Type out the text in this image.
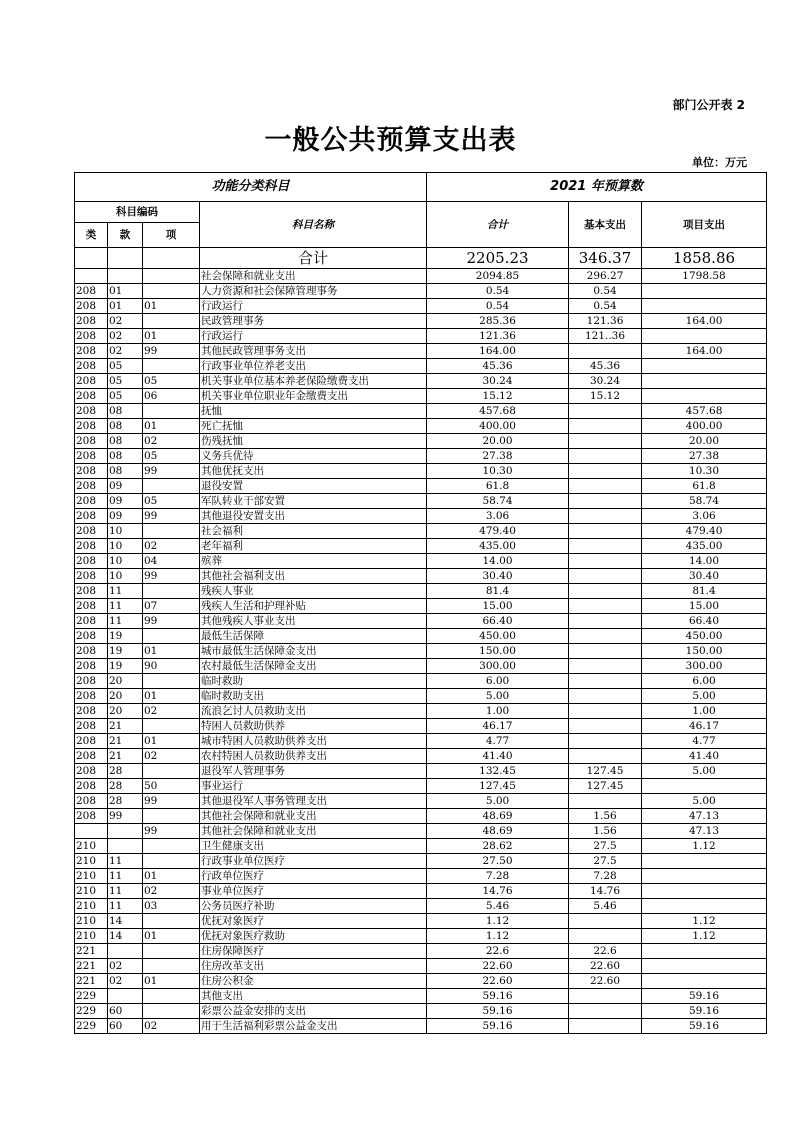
部门公开表 2
一般公共预算支出表
单位：万元
功能分类科目				2021 年预算数		
科目编码			科目名称	合计	基本支出	项目支出
类	款	项				
			合计	2205.23	346.37	1858.86
			社会保障和就业支出	2094.85	296.27	1798.58
208	01		人力资源和社会保障管理事务	0.54	0.54	
208	01	01	行政运行	0.54	0.54	
208	02		民政管理事务	285.36	121.36	164.00
208	02	01	行政运行	121.36	121..36	
208	02	99	其他民政管理事务支出	164.00		164.00
208	05		行政事业单位养老支出	45.36	45.36	
208	05	05	机关事业单位基本养老保险缴费支出	30.24	30.24	
208	05	06	机关事业单位职业年金缴费支出	15.12	15.12	
208	08		抚恤	457.68		457.68
208	08	01	死亡抚恤	400.00		400.00
208	08	02	伤残抚恤	20.00		20.00
208	08	05	义务兵优待	27.38		27.38
208	08	99	其他优抚支出	10.30		10.30
208	09		退役安置	61.8		61.8
208	09	05	军队转业干部安置	58.74		58.74
208	09	99	其他退役安置支出	3.06		3.06
208	10		社会福利	479.40		479.40
208	10	02	老年福利	435.00		435.00
208	10	04	殡葬	14.00		14.00
208	10	99	其他社会福利支出	30.40		30.40
208	11		残疾人事业	81.4		81.4
208	11	07	残疾人生活和护理补贴	15.00		15.00
208	11	99	其他残疾人事业支出	66.40		66.40
208	19		最低生活保障	450.00		450.00
208	19	01	城市最低生活保障金支出	150.00		150.00
208	19	90	农村最低生活保障金支出	300.00		300.00
208	20		临时救助	6.00		6.00
208	20	01	临时救助支出	5.00		5.00
208	20	02	流浪乞讨人员救助支出	1.00		1.00
208	21		特困人员救助供养	46.17		46.17
208	21	01	城市特困人员救助供养支出	4.77		4.77
208	21	02	农村特困人员救助供养支出	41.40		41.40
208	28		退役军人管理事务	132.45	127.45	5.00
208	28	50	事业运行	127.45	127.45	
208	28	99	其他退役军人事务管理支出	5.00		5.00
208	99		其他社会保障和就业支出	48.69	1.56	47.13
		99	其他社会保障和就业支出	48.69	1.56	47.13
210			卫生健康支出	28.62	27.5	1.12
210	11		行政事业单位医疗	27.50	27.5	
210	11	01	行政单位医疗	7.28	7.28	
210	11	02	事业单位医疗	14.76	14.76	
210	11	03	公务员医疗补助	5.46	5.46	
210	14		优抚对象医疗	1.12		1.12
210	14	01	优抚对象医疗救助	1.12		1.12
221			住房保障医疗	22.6	22.6	
221	02		住房改革支出	22.60	22.60	
221	02	01	住房公积金	22.60	22.60	
229			其他支出	59.16		59.16
229	60		彩票公益金安排的支出	59.16		59.16
229	60	02	用于生活福利彩票公益金支出	59.16		59.16
